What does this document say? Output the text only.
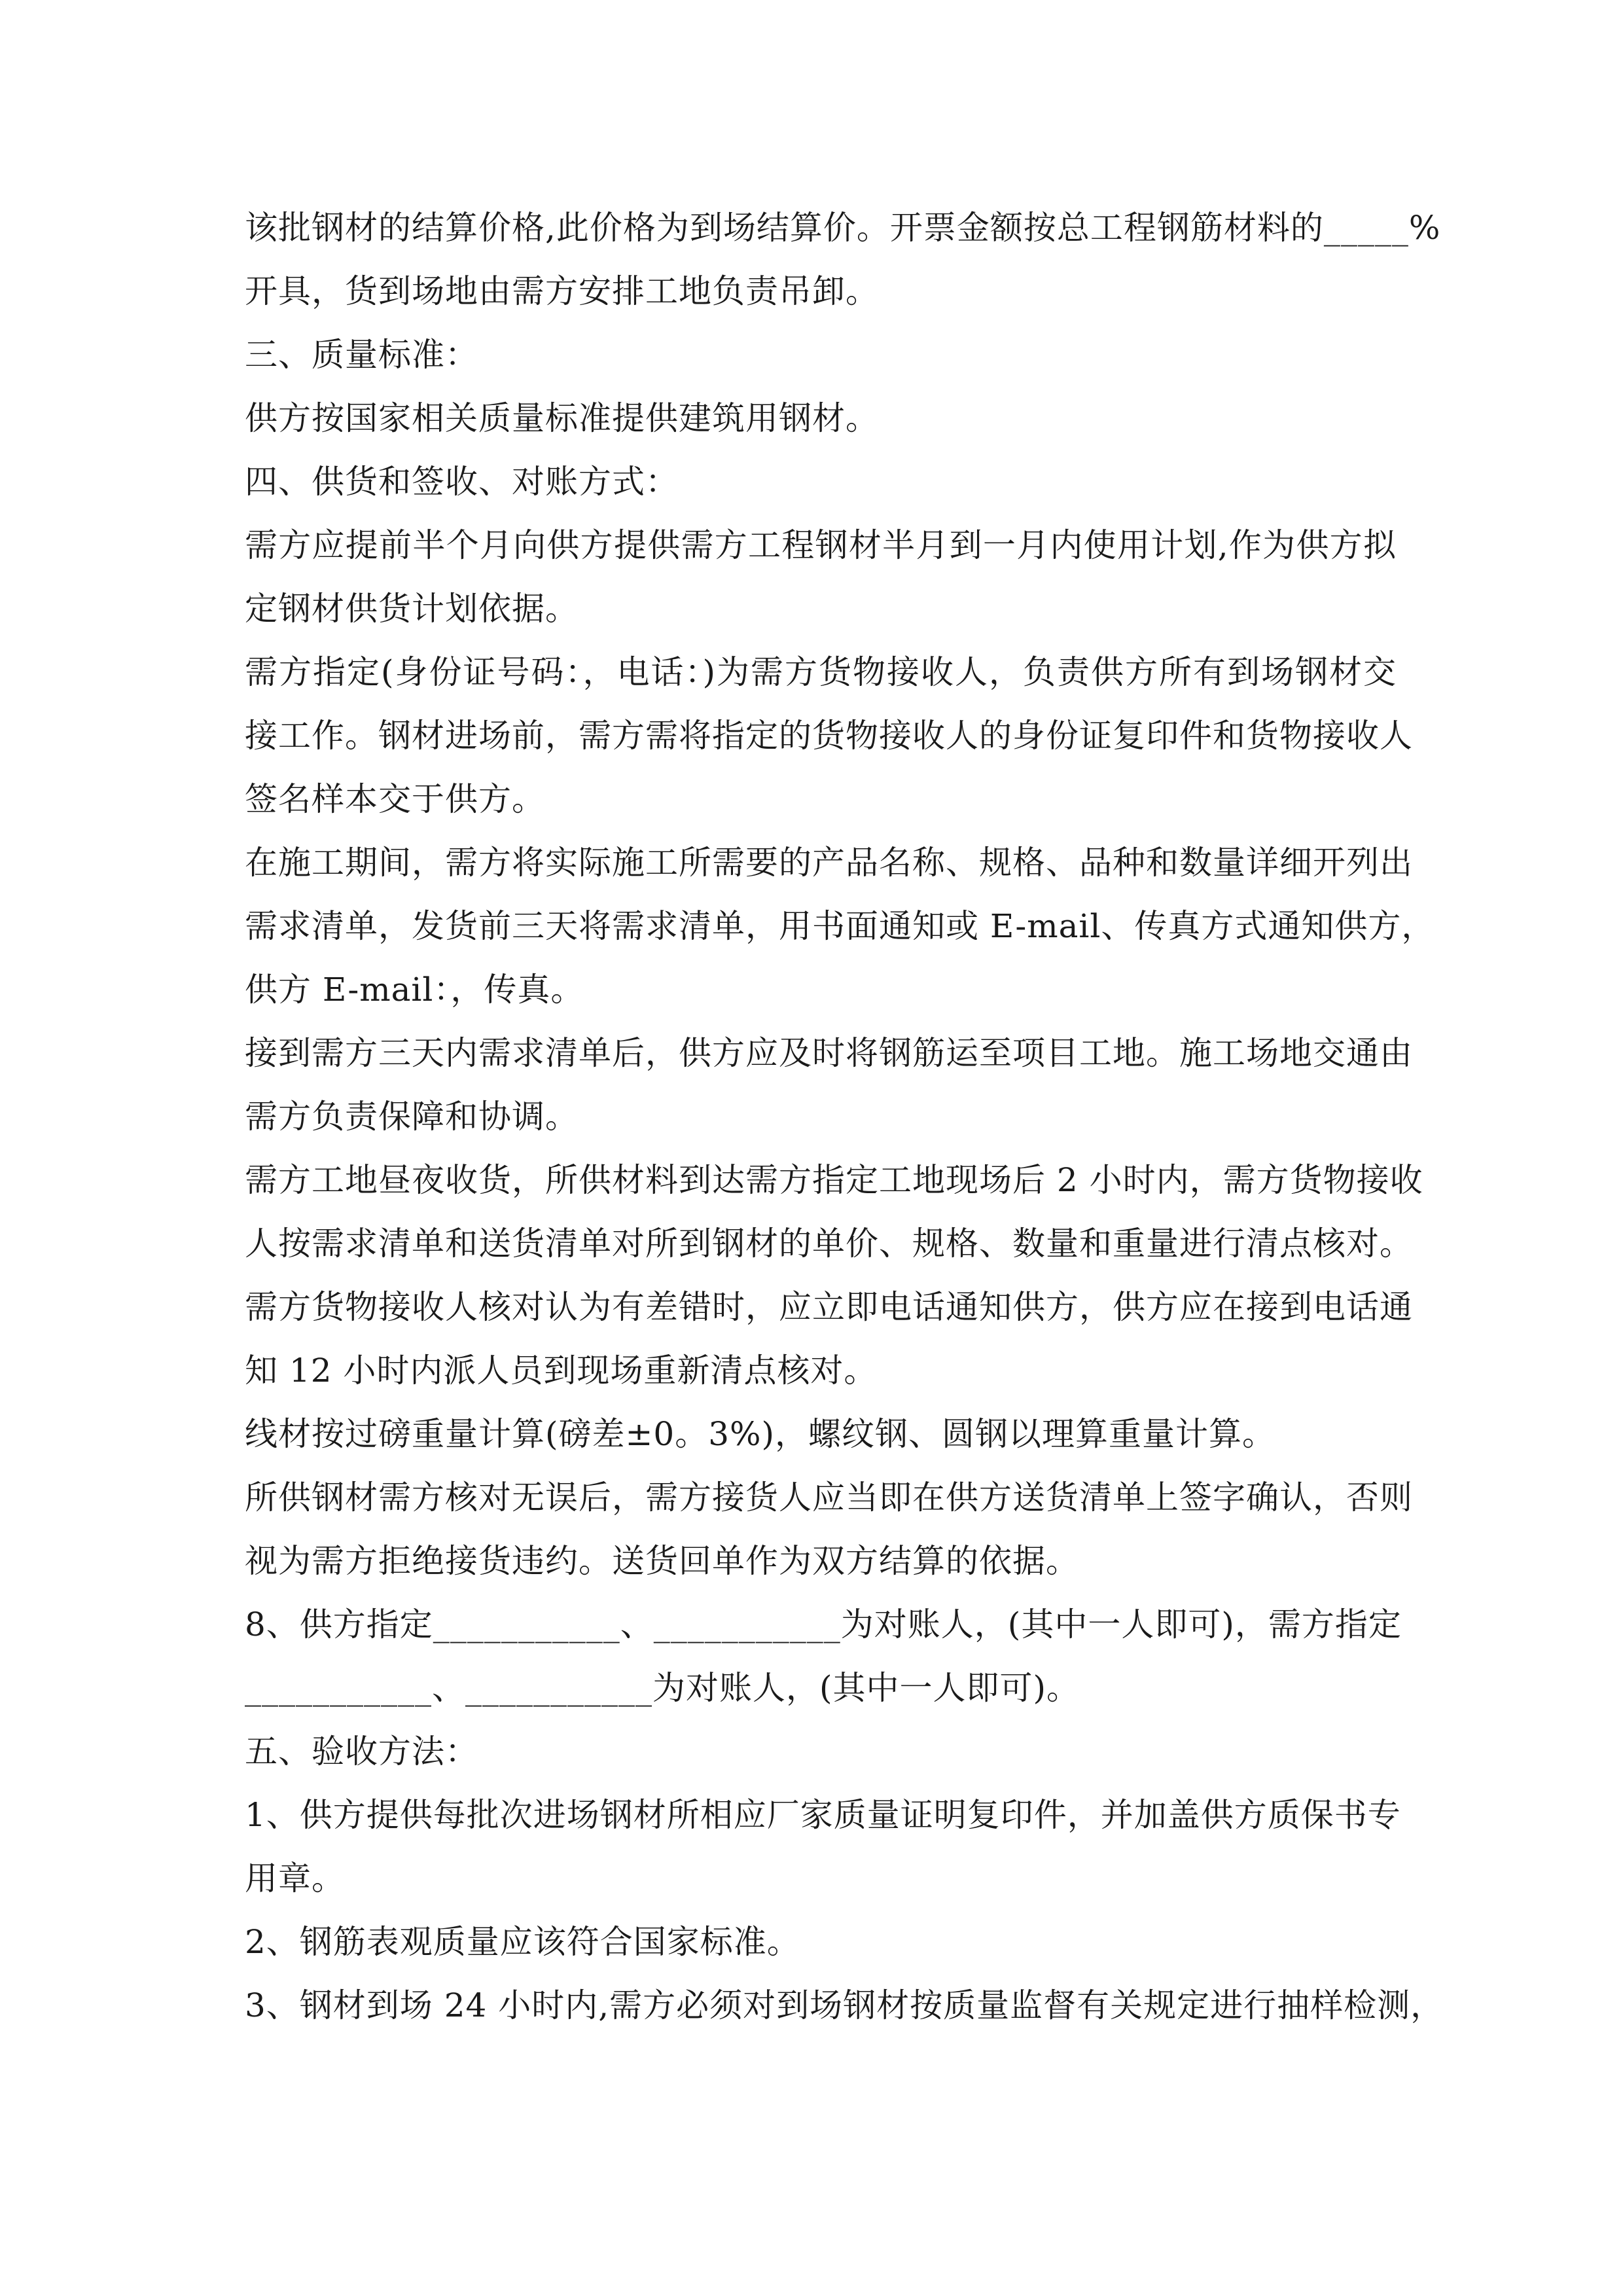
该批钢材的结算价格,此价格为到场结算价。开票金额按总工程钢筋材料的_____%
开具，货到场地由需方安排工地负责吊卸。
三、质量标准：
供方按国家相关质量标准提供建筑用钢材。
四、供货和签收、对账方式：
需方应提前半个月向供方提供需方工程钢材半月到一月内使用计划,作为供方拟
定钢材供货计划依据。
需方指定(身份证号码：，电话：)为需方货物接收人，负责供方所有到场钢材交
接工作。钢材进场前，需方需将指定的货物接收人的身份证复印件和货物接收人
签名样本交于供方。
在施工期间，需方将实际施工所需要的产品名称、规格、品种和数量详细开列出
需求清单，发货前三天将需求清单，用书面通知或 E-mail、传真方式通知供方，
供方 E-mail：，传真。
接到需方三天内需求清单后，供方应及时将钢筋运至项目工地。施工场地交通由
需方负责保障和协调。
需方工地昼夜收货，所供材料到达需方指定工地现场后 2 小时内，需方货物接收
人按需求清单和送货清单对所到钢材的单价、规格、数量和重量进行清点核对。
需方货物接收人核对认为有差错时，应立即电话通知供方，供方应在接到电话通
知 12 小时内派人员到现场重新清点核对。
线材按过磅重量计算(磅差±0。3%)，螺纹钢、圆钢以理算重量计算。
所供钢材需方核对无误后，需方接货人应当即在供方送货清单上签字确认，否则
视为需方拒绝接货违约。送货回单作为双方结算的依据。
8、供方指定___________、___________为对账人，(其中一人即可)，需方指定
___________、___________为对账人，(其中一人即可)。
五、验收方法：
1、供方提供每批次进场钢材所相应厂家质量证明复印件，并加盖供方质保书专
用章。
2、钢筋表观质量应该符合国家标准。
3、钢材到场 24 小时内,需方必须对到场钢材按质量监督有关规定进行抽样检测，
